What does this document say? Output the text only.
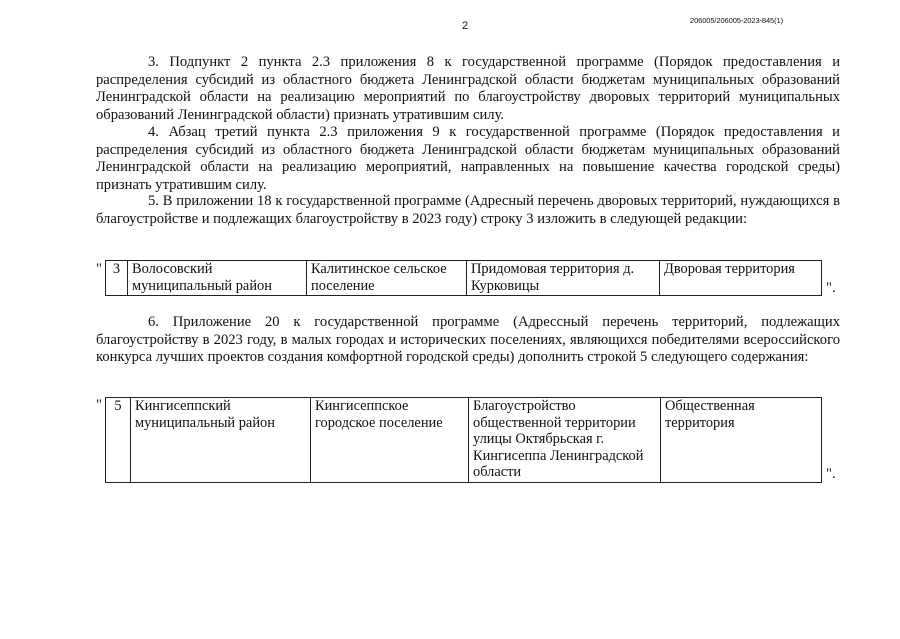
2	206005/206005-2023-845(1)

3. Подпункт 2 пункта 2.3 приложения 8 к государственной программе (Порядок предоставления и распределения субсидий из областного бюджета Ленинградской области бюджетам муниципальных образований Ленинградской области на реализацию мероприятий по благоустройству дворовых территорий муниципальных образований Ленинградской области) признать утратившим силу.

4. Абзац третий пункта 2.3 приложения 9 к государственной программе (Порядок предоставления и распределения субсидий из областного бюджета Ленинградской области бюджетам муниципальных образований Ленинградской области на реализацию мероприятий, направленных на повышение качества городской среды) признать утратившим силу.

5. В приложении 18 к государственной программе (Адресный перечень дворовых территорий, нуждающихся в благоустройстве и подлежащих благоустройству в 2023 году) строку 3 изложить в следующей редакции:

" 3	Волосовский муниципальный район	Калитинское сельское поселение	Придомовая территория д. Курковицы	Дворовая территория
".

6. Приложение 20 к государственной программе (Адрессный перечень территорий, подлежащих благоустройству в 2023 году, в малых городах и исторических поселениях, являющихся победителями всероссийского конкурса лучших проектов создания комфортной городской среды) дополнить строкой 5 следующего содержания:

" 5	Кингисеппский муниципальный район	Кингисеппское городское поселение	Благоустройство общественной территории улицы Октябрьская г. Кингисеппа Ленинградской области	Общественная территория
".
